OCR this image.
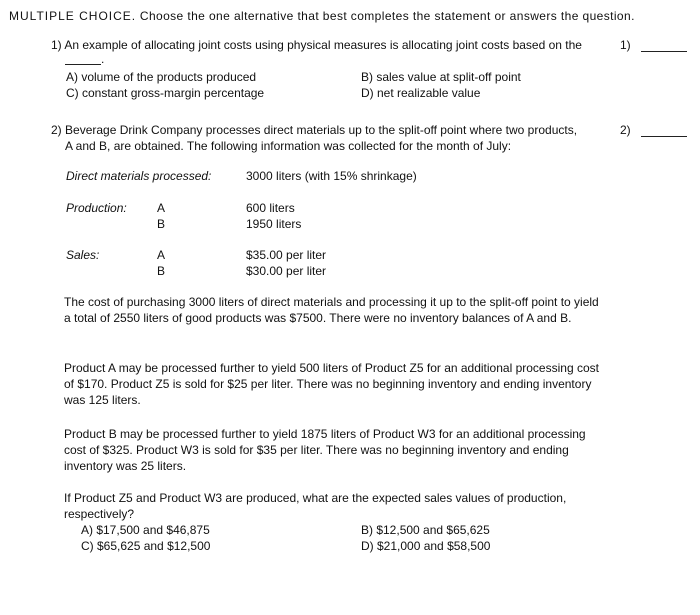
MULTIPLE CHOICE. Choose the one alternative that best completes the statement or answers the question.
1) An example of allocating joint costs using physical measures is allocating joint costs based on the	1)
.
A) volume of the products produced	B) sales value at split-off point
C) constant gross-margin percentage	D) net realizable value
2) Beverage Drink Company processes direct materials up to the split-off point where two products,
A and B, are obtained. The following information was collected for the month of July:
2)
Direct materials processed:	3000 liters (with 15% shrinkage)
Production:	A	600 liters
B	1950 liters
Sales:	A	$35.00 per liter
B	$30.00 per liter
The cost of purchasing 3000 liters of direct materials and processing it up to the split-off point to yield a total of 2550 liters of good products was $7500. There were no inventory balances of A and B.
Product A may be processed further to yield 500 liters of Product Z5 for an additional processing cost of $170. Product Z5 is sold for $25 per liter. There was no beginning inventory and ending inventory was 125 liters.
Product B may be processed further to yield 1875 liters of Product W3 for an additional processing cost of $325. Product W3 is sold for $35 per liter. There was no beginning inventory and ending inventory was 25 liters.
If Product Z5 and Product W3 are produced, what are the expected sales values of production, respectively?
A) $17,500 and $46,875	B) $12,500 and $65,625
C) $65,625 and $12,500	D) $21,000 and $58,500
